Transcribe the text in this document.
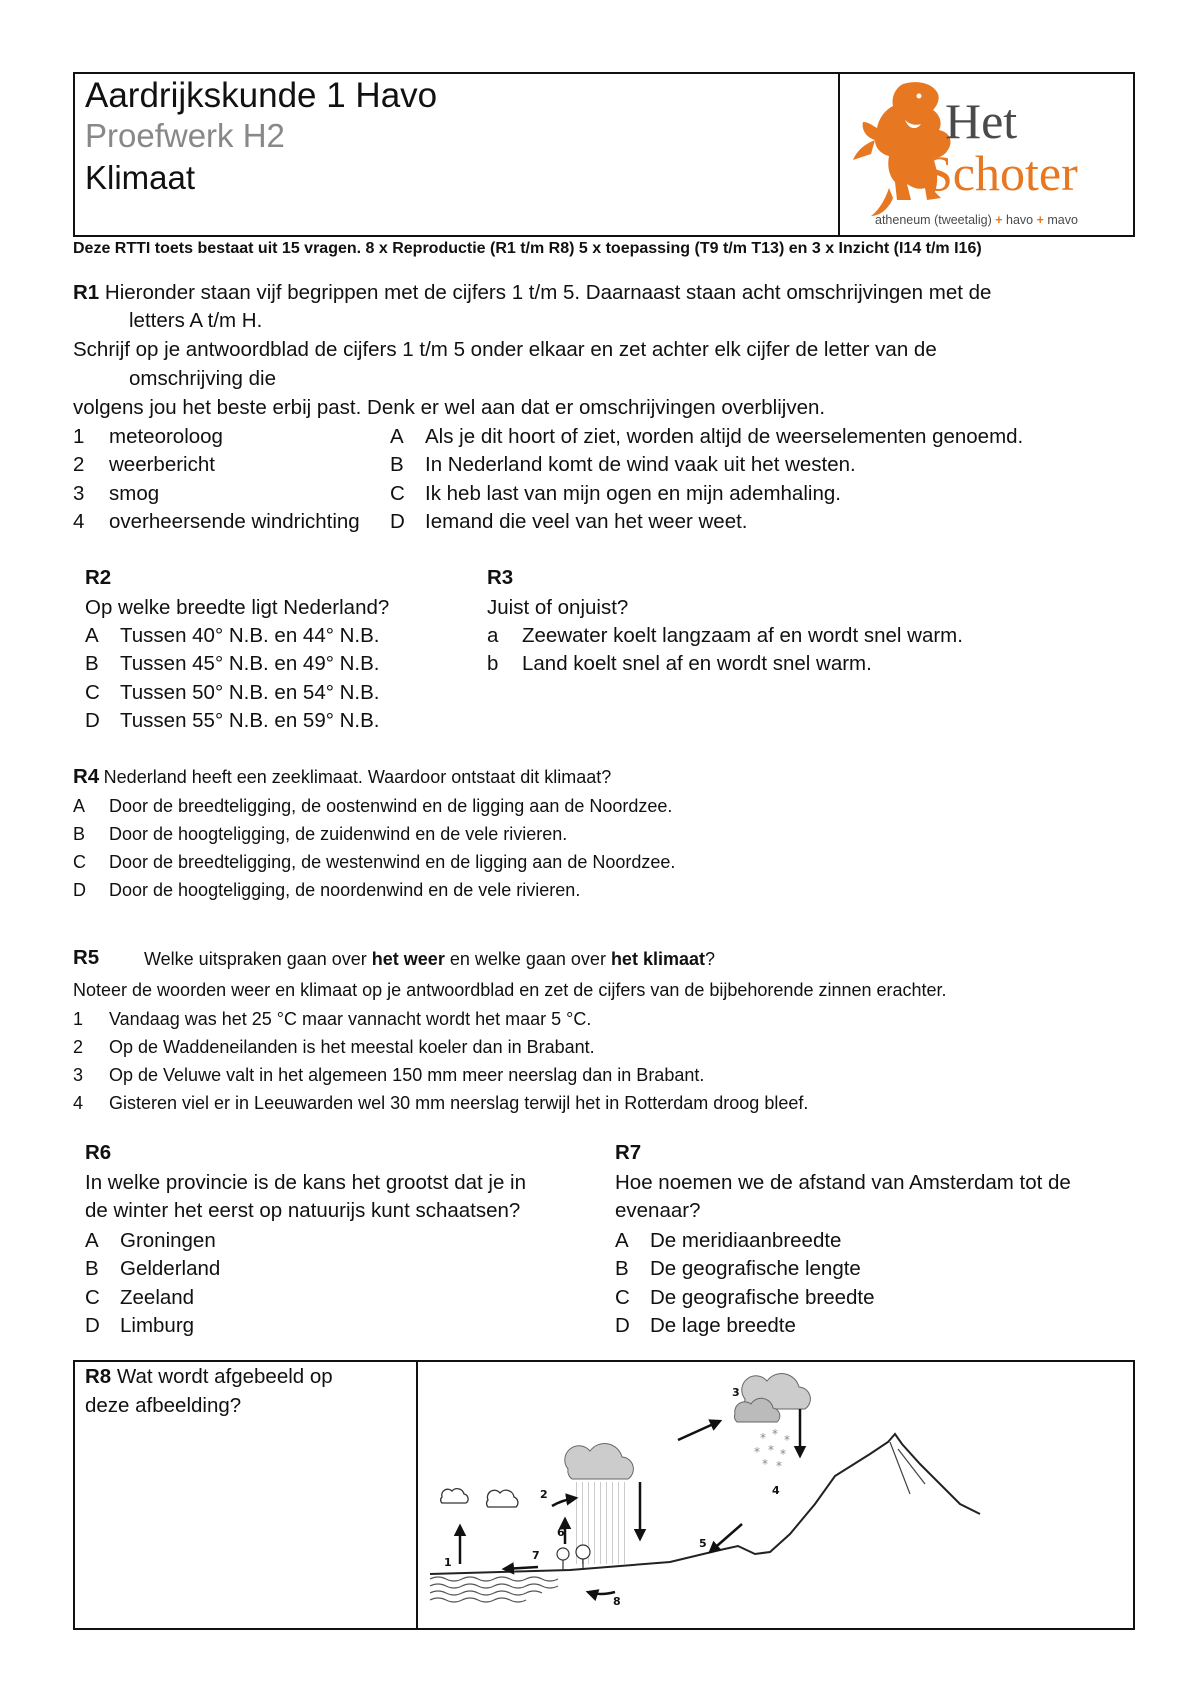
Aardrijkskunde 1 Havo
Proefwerk H2
Klimaat
Het
Schoter
atheneum (tweetalig) + havo + mavo
Deze RTTI toets bestaat uit 15 vragen. 8 x Reproductie (R1 t/m R8) 5 x toepassing (T9 t/m T13) en 3 x Inzicht (I14 t/m I16)
R1 Hieronder staan vijf begrippen met de cijfers 1 t/m 5. Daarnaast staan acht omschrijvingen met de
letters A t/m H.
Schrijf op je antwoordblad de cijfers 1 t/m 5 onder elkaar en zet achter elk cijfer de letter van de
omschrijving die
volgens jou het beste erbij past. Denk er wel aan dat er omschrijvingen overblijven.
1 meteoroloog	A Als je dit hoort of ziet, worden altijd de weerselementen genoemd.
2 weerbericht	B In Nederland komt de wind vaak uit het westen.
3 smog	C Ik heb last van mijn ogen en mijn ademhaling.
4 overheersende windrichting D Iemand die veel van het weer weet.
R2
Op welke breedte ligt Nederland?
A Tussen 40° N.B. en 44° N.B.
B Tussen 45° N.B. en 49° N.B.
C Tussen 50° N.B. en 54° N.B.
D Tussen 55° N.B. en 59° N.B.
R3
Juist of onjuist?
a Zeewater koelt langzaam af en wordt snel warm.
b Land koelt snel af en wordt snel warm.
R4 Nederland heeft een zeeklimaat. Waardoor ontstaat dit klimaat?
A Door de breedteligging, de oostenwind en de ligging aan de Noordzee.
B Door de hoogteligging, de zuidenwind en de vele rivieren.
C Door de breedteligging, de westenwind en de ligging aan de Noordzee.
D Door de hoogteligging, de noordenwind en de vele rivieren.
R5 Welke uitspraken gaan over het weer en welke gaan over het klimaat?
Noteer de woorden weer en klimaat op je antwoordblad en zet de cijfers van de bijbehorende zinnen erachter.
1 Vandaag was het 25 °C maar vannacht wordt het maar 5 °C.
2 Op de Waddeneilanden is het meestal koeler dan in Brabant.
3 Op de Veluwe valt in het algemeen 150 mm meer neerslag dan in Brabant.
4 Gisteren viel er in Leeuwarden wel 30 mm neerslag terwijl het in Rotterdam droog bleef.
R6
In welke provincie is de kans het grootst dat je in
de winter het eerst op natuurijs kunt schaatsen?
A Groningen
B Gelderland
C Zeeland
D Limburg
R7
Hoe noemen we de afstand van Amsterdam tot de
evenaar?
A De meridiaanbreedte
B De geografische lengte
C De geografische breedte
D De lage breedte
R8 Wat wordt afgebeeld op
deze afbeelding?
* * *
* * *
* *
1
2
3
4
5
6
7
8
